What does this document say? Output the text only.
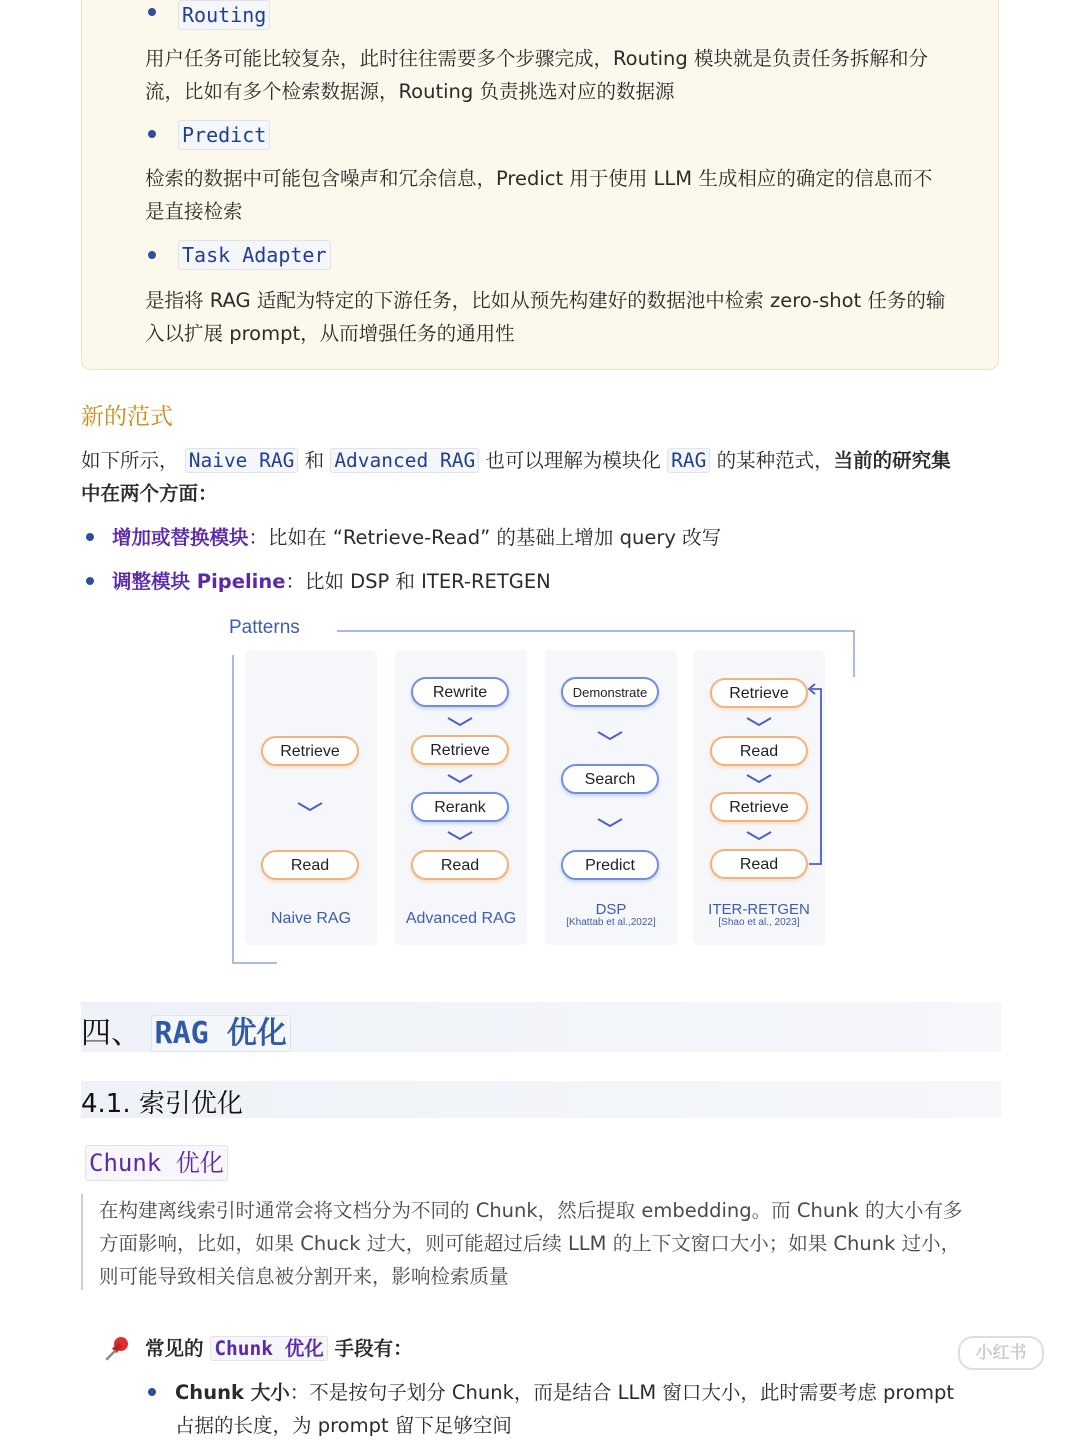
Routing
用户任务可能比较复杂，此时往往需要多个步骤完成，Routing 模块就是负责任务拆解和分
流，比如有多个检索数据源，Routing 负责挑选对应的数据源
Predict
检索的数据中可能包含噪声和冗余信息，Predict 用于使用 LLM 生成相应的确定的信息而不
是直接检索
Task Adapter
是指将 RAG 适配为特定的下游任务，比如从预先构建好的数据池中检索 zero-shot 任务的输
入以扩展 prompt，从而增强任务的通用性
新的范式
如下所示， Naive RAG 和 Advanced RAG 也可以理解为模块化 RAG 的某种范式，当前的研究集
中在两个方面：
增加或替换模块：比如在 “Retrieve-Read” 的基础上增加 query 改写
调整模块 Pipeline：比如 DSP 和 ITER-RETGEN
Patterns
Retrieve
Read
Naive RAG
Rewrite
Retrieve
Rerank
Read
Advanced RAG
Demonstrate
Search
Predict
DSP
[Khattab et al.,2022]
Retrieve
Read
Retrieve
Read
ITER-RETGEN
[Shao et al., 2023]
四、 RAG 优化
4.1. 索引优化
Chunk 优化
在构建离线索引时通常会将文档分为不同的 Chunk，然后提取 embedding。而 Chunk 的大小有多
方面影响，比如，如果 Chuck 过大，则可能超过后续 LLM 的上下文窗口大小；如果 Chunk 过小，
则可能导致相关信息被分割开来，影响检索质量
常见的 Chunk 优化 手段有：
Chunk 大小：不是按句子划分 Chunk，而是结合 LLM 窗口大小，此时需要考虑 prompt
占据的长度，为 prompt 留下足够空间
小红书
